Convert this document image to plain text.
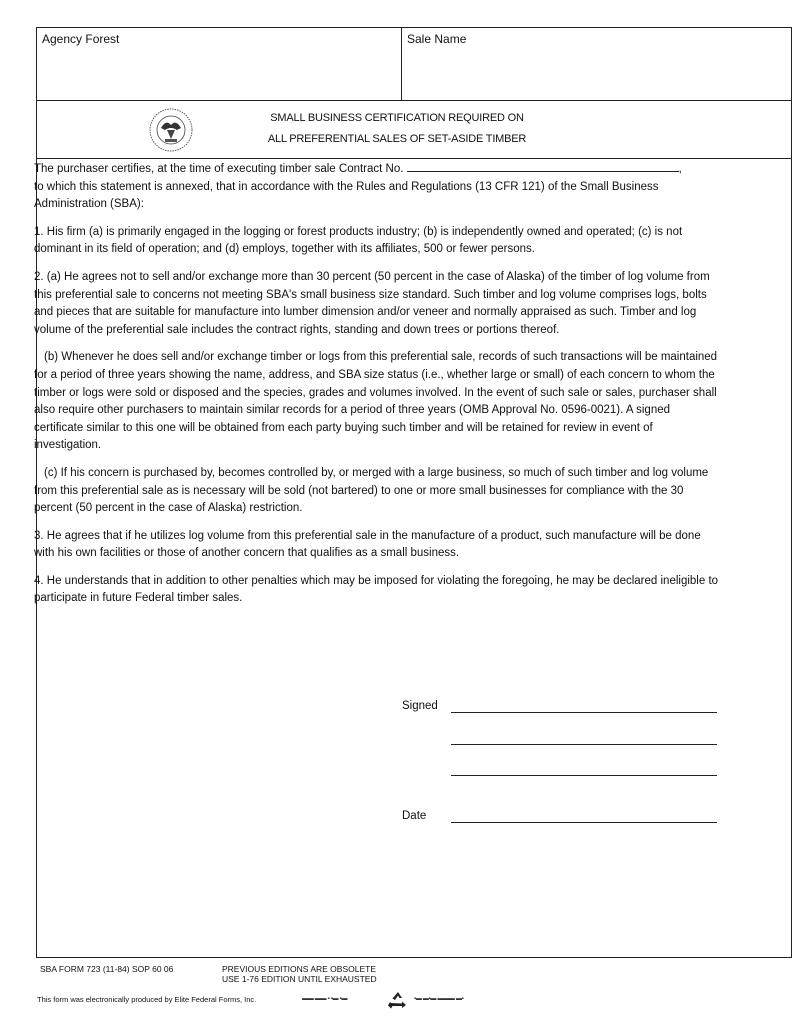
Agency Forest	Sale Name
SMALL BUSINESS CERTIFICATION REQUIRED ON
ALL PREFERENTIAL SALES OF SET-ASIDE TIMBER

The purchaser certifies, at the time of executing timber sale Contract No.	,
to which this statement is annexed, that in accordance with the Rules and Regulations (13 CFR 121) of the Small Business Administration (SBA):

1. His firm (a) is primarily engaged in the logging or forest products industry; (b) is independently owned and operated; (c) is not dominant in its field of operation; and (d) employs, together with its affiliates, 500 or fewer persons.

2. (a) He agrees not to sell and/or exchange more than 30 percent (50 percent in the case of Alaska) of the timber of log volume from this preferential sale to concerns not meeting SBA's small business size standard. Such timber and log volume comprises logs, bolts and pieces that are suitable for manufacture into lumber dimension and/or veneer and normally appraised as such. Timber and log volume of the preferential sale includes the contract rights, standing and down trees or portions thereof.

(b) Whenever he does sell and/or exchange timber or logs from this preferential sale, records of such transactions will be maintained for a period of three years showing the name, address, and SBA size status (i.e., whether large or small) of each concern to whom the timber or logs were sold or disposed and the species, grades and volumes involved. In the event of such sale or sales, purchaser shall also require other purchasers to maintain similar records for a period of three years (OMB Approval No. 0596-0021). A signed certificate similar to this one will be obtained from each party buying such timber and will be retained for review in event of investigation.

(c) If his concern is purchased by, becomes controlled by, or merged with a large business, so much of such timber and log volume from this preferential sale as is necessary will be sold (not bartered) to one or more small businesses for compliance with the 30 percent (50 percent in the case of Alaska) restriction.

3. He agrees that if he utilizes log volume from this preferential sale in the manufacture of a product, such manufacture will be done with his own facilities or those of another concern that qualifies as a small business.

4. He understands that in addition to other penalties which may be imposed for violating the foregoing, he may be declared ineligible to participate in future Federal timber sales.

Signed
Date
SBA FORM 723 (11-84) SOP 60 06	PREVIOUS EDITIONS ARE OBSOLETE
USE 1-76 EDITION UNTIL EXHAUSTED
This form was electronically produced by Elite Federal Forms, Inc.	▬▬ ▬▬ ▪ ▪▬ ▪▬	▪▬ ▬▪▬ ▬▬▬ ▬▪
